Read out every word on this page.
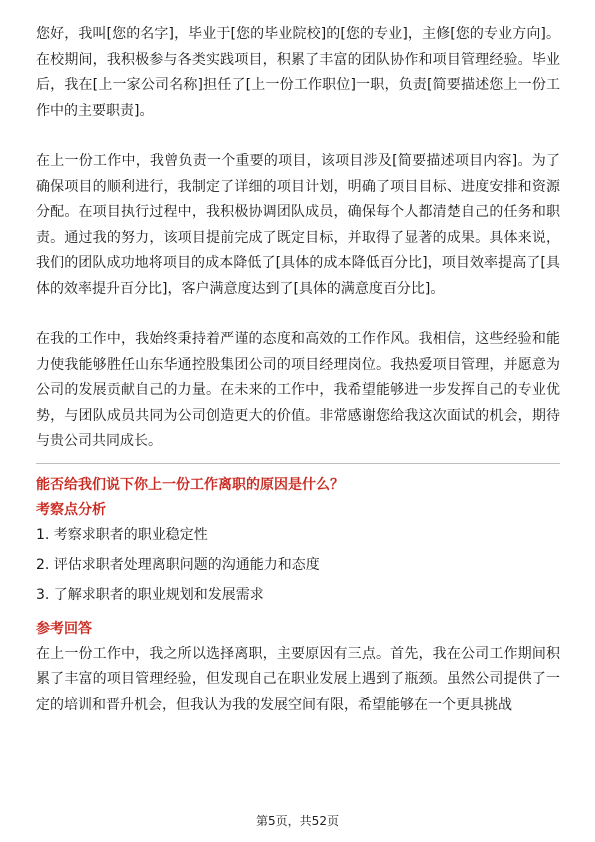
您好，我叫[您的名字]，毕业于[您的毕业院校]的[您的专业]，主修[您的专业方向]。在校期间，我积极参与各类实践项目，积累了丰富的团队协作和项目管理经验。毕业后，我在[上一家公司名称]担任了[上一份工作职位]一职，负责[简要描述您上一份工作中的主要职责]。

在上一份工作中，我曾负责一个重要的项目，该项目涉及[简要描述项目内容]。为了确保项目的顺利进行，我制定了详细的项目计划，明确了项目目标、进度安排和资源分配。在项目执行过程中，我积极协调团队成员，确保每个人都清楚自己的任务和职责。通过我的努力，该项目提前完成了既定目标，并取得了显著的成果。具体来说，我们的团队成功地将项目的成本降低了[具体的成本降低百分比]，项目效率提高了[具体的效率提升百分比]，客户满意度达到了[具体的满意度百分比]。

在我的工作中，我始终秉持着严谨的态度和高效的工作作风。我相信，这些经验和能力使我能够胜任山东华通控股集团公司的项目经理岗位。我热爱项目管理，并愿意为公司的发展贡献自己的力量。在未来的工作中，我希望能够进一步发挥自己的专业优势，与团队成员共同为公司创造更大的价值。非常感谢您给我这次面试的机会，期待与贵公司共同成长。

能否给我们说下你上一份工作离职的原因是什么？
考察点分析
1. 考察求职者的职业稳定性
2. 评估求职者处理离职问题的沟通能力和态度
3. 了解求职者的职业规划和发展需求
参考回答

在上一份工作中，我之所以选择离职，主要原因有三点。首先，我在公司工作期间积累了丰富的项目管理经验，但发现自己在职业发展上遇到了瓶颈。虽然公司提供了一定的培训和晋升机会，但我认为我的发展空间有限，希望能够在一个更具挑战

第5页，共52页
